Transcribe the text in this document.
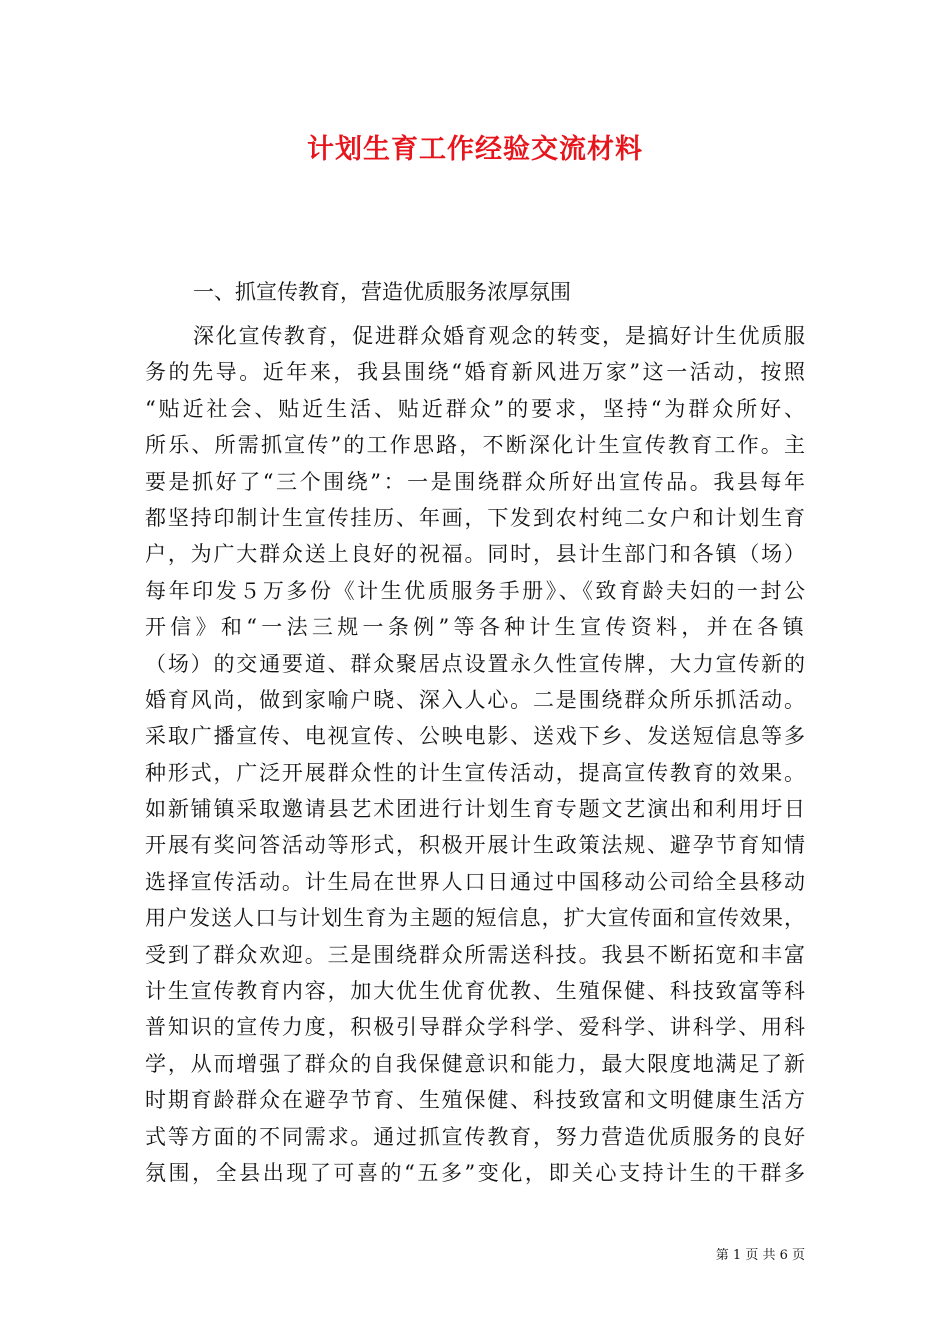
计划生育工作经验交流材料

一、抓宣传教育，营造优质服务浓厚氛围

深化宣传教育，促进群众婚育观念的转变，是搞好计生优质服
务的先导。近年来，我县围绕“婚育新风进万家”这一活动，按照
“贴近社会、贴近生活、贴近群众”的要求，坚持“为群众所好、
所乐、所需抓宣传”的工作思路，不断深化计生宣传教育工作。主
要是抓好了“三个围绕”：一是围绕群众所好出宣传品。我县每年
都坚持印制计生宣传挂历、年画，下发到农村纯二女户和计划生育
户，为广大群众送上良好的祝福。同时，县计生部门和各镇（场）
每年印发５万多份《计生优质服务手册》、《致育龄夫妇的一封公
开信》和“一法三规一条例”等各种计生宣传资料，并在各镇
（场）的交通要道、群众聚居点设置永久性宣传牌，大力宣传新的
婚育风尚，做到家喻户晓、深入人心。二是围绕群众所乐抓活动。
采取广播宣传、电视宣传、公映电影、送戏下乡、发送短信息等多
种形式，广泛开展群众性的计生宣传活动，提高宣传教育的效果。
如新铺镇采取邀请县艺术团进行计划生育专题文艺演出和利用圩日
开展有奖问答活动等形式，积极开展计生政策法规、避孕节育知情
选择宣传活动。计生局在世界人口日通过中国移动公司给全县移动
用户发送人口与计划生育为主题的短信息，扩大宣传面和宣传效果，
受到了群众欢迎。三是围绕群众所需送科技。我县不断拓宽和丰富
计生宣传教育内容，加大优生优育优教、生殖保健、科技致富等科
普知识的宣传力度，积极引导群众学科学、爱科学、讲科学、用科
学，从而增强了群众的自我保健意识和能力，最大限度地满足了新
时期育龄群众在避孕节育、生殖保健、科技致富和文明健康生活方
式等方面的不同需求。通过抓宣传教育，努力营造优质服务的良好
氛围，全县出现了可喜的“五多”变化，即关心支持计生的干群多
第 1 页 共 6 页
